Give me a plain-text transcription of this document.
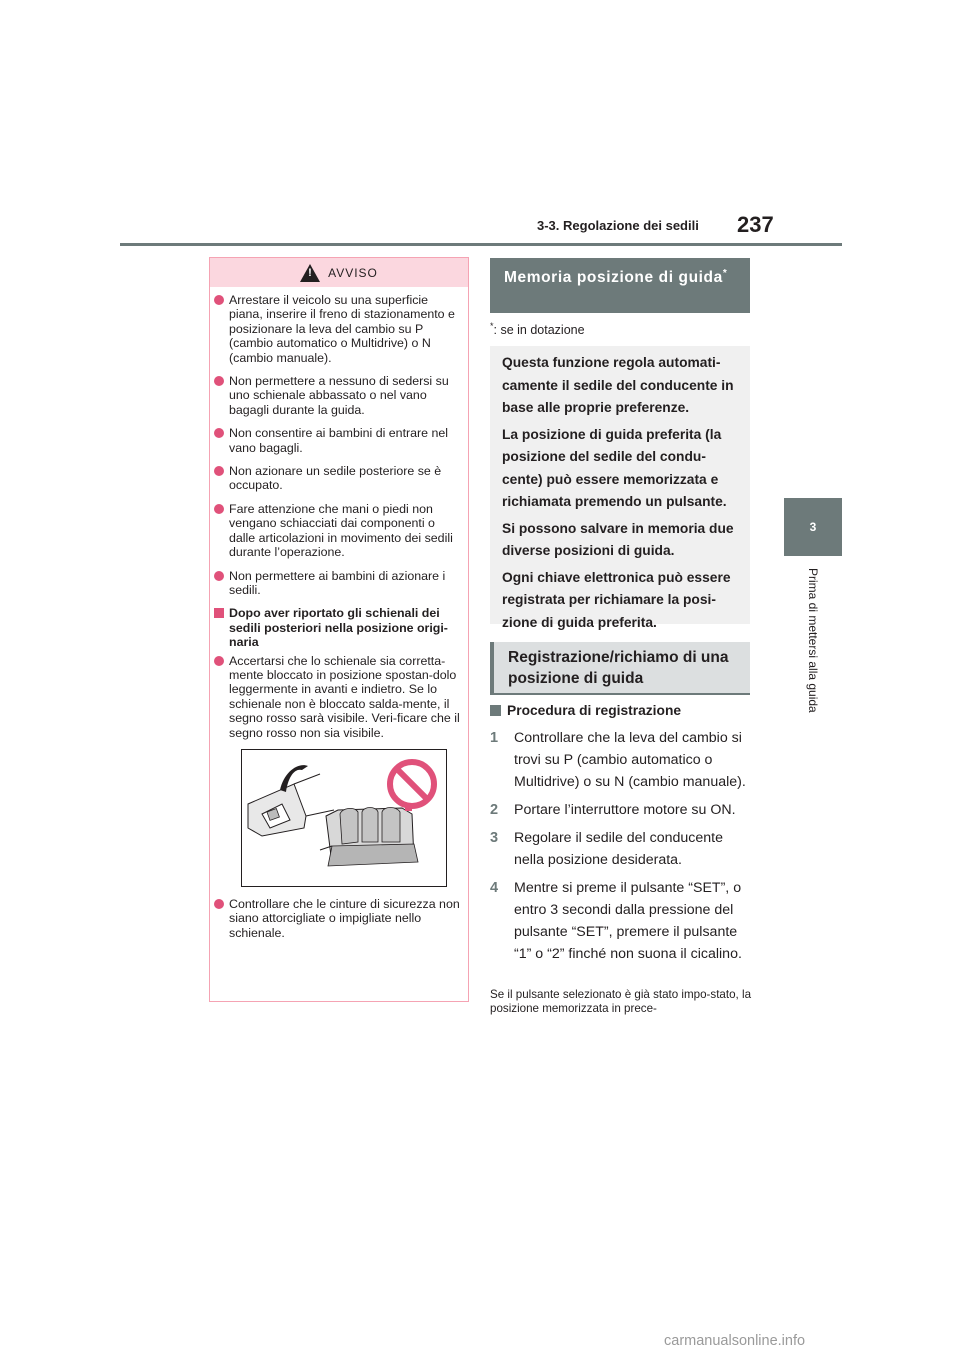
3-3. Regolazione dei sedili 237
3
Prima di mettersi alla guida
!
AVVISO
Arrestare il veicolo su una superficie piana, inserire il freno di stazionamento e posizionare la leva del cambio su P (cambio automatico o Multidrive) o N (cambio manuale).
Non permettere a nessuno di sedersi su uno schienale abbassato o nel vano bagagli durante la guida.
Non consentire ai bambini di entrare nel vano bagagli.
Non azionare un sedile posteriore se è occupato.
Fare attenzione che mani o piedi non vengano schiacciati dai componenti o dalle articolazioni in movimento dei sedili durante l’operazione.
Non permettere ai bambini di azionare i sedili.
Dopo aver riportato gli schienali dei sedili posteriori nella posizione origi-naria
Accertarsi che lo schienale sia corretta-mente bloccato in posizione spostan-dolo leggermente in avanti e indietro. Se lo schienale non è bloccato salda-mente, il segno rosso sarà visibile. Veri-ficare che il segno rosso non sia visibile.
Controllare che le cinture di sicurezza non siano attorcigliate o impigliate nello schienale.
Memoria posizione di guida*
*: se in dotazione

Questa funzione regola automati-camente il sedile del conducente in base alle proprie preferenze.

La posizione di guida preferita (la posizione del sedile del condu-cente) può essere memorizzata e richiamata premendo un pulsante.

Si possono salvare in memoria due diverse posizioni di guida.

Ogni chiave elettronica può essere registrata per richiamare la posi-zione di guida preferita.

Registrazione/richiamo di una posizione di guida
Procedura di registrazione
1 Controllare che la leva del cambio si trovi su P (cambio automatico o Multidrive) o su N (cambio manuale).
2 Portare l’interruttore motore su ON.
3 Regolare il sedile del conducente nella posizione desiderata.
4 Mentre si preme il pulsante “SET”, o entro 3 secondi dalla pressione del pulsante “SET”, premere il pulsante “1” o “2” finché non suona il cicalino.
Se il pulsante selezionato è già stato impo-stato, la posizione memorizzata in prece-
carmanualsonline.info
